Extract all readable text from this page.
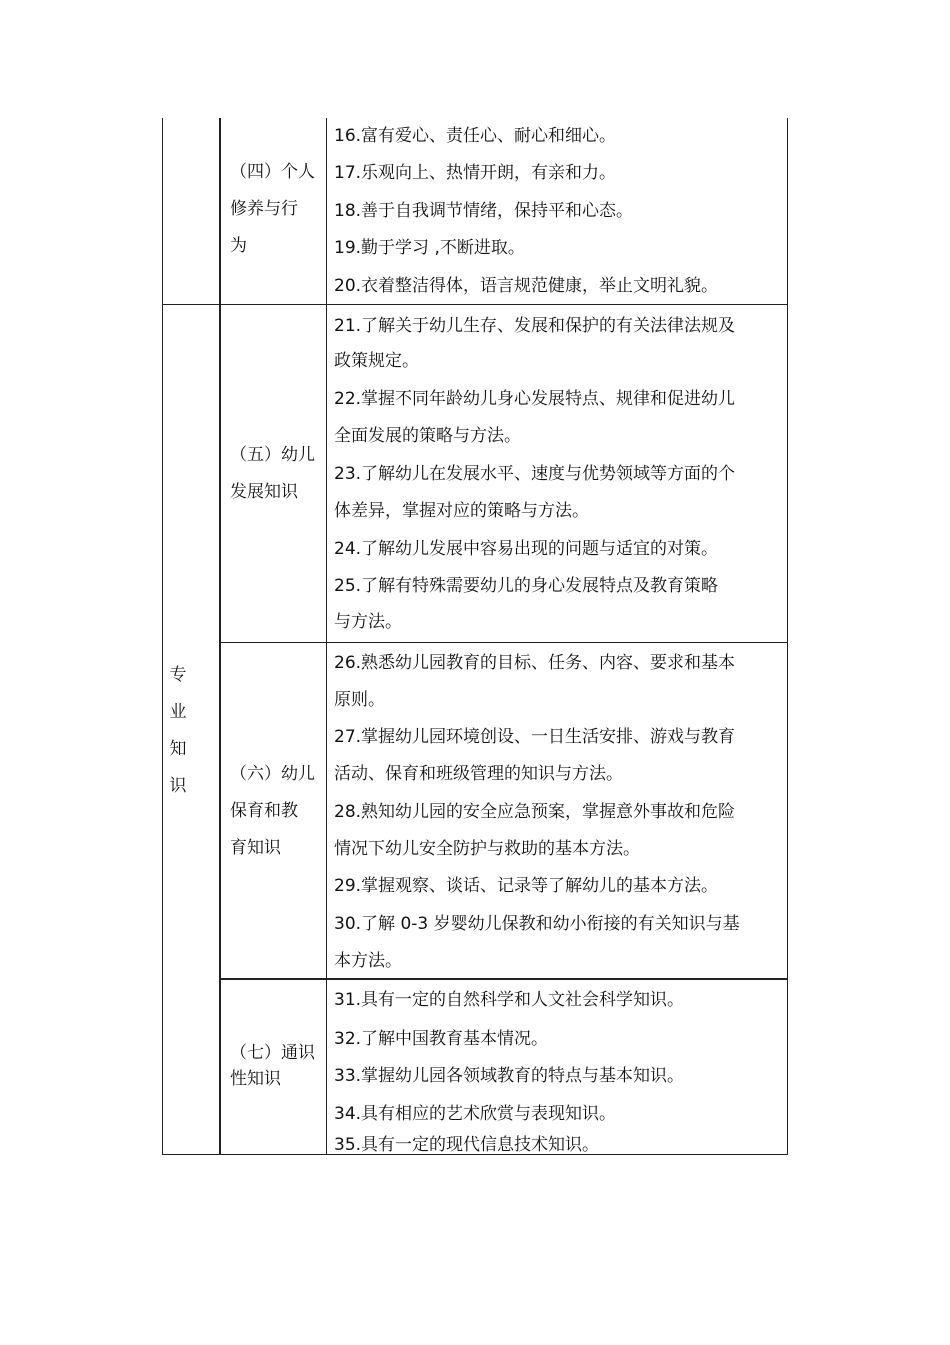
（四）个人
修养与行
为
16.富有爱心、责任心、耐心和细心。
17.乐观向上、热情开朗，有亲和力。
18.善于自我调节情绪，保持平和心态。
19.勤于学习 ,不断进取。
20.衣着整洁得体，语言规范健康，举止文明礼貌。
专
业
知
识
（五）幼儿
发展知识
21.了解关于幼儿生存、发展和保护的有关法律法规及
政策规定。
22.掌握不同年龄幼儿身心发展特点、规律和促进幼儿
全面发展的策略与方法。
23.了解幼儿在发展水平、速度与优势领域等方面的个
体差异，掌握对应的策略与方法。
24.了解幼儿发展中容易出现的问题与适宜的对策。
25.了解有特殊需要幼儿的身心发展特点及教育策略
与方法。
（六）幼儿
保育和教
育知识
26.熟悉幼儿园教育的目标、任务、内容、要求和基本
原则。
27.掌握幼儿园环境创设、一日生活安排、游戏与教育
活动、保育和班级管理的知识与方法。
28.熟知幼儿园的安全应急预案，掌握意外事故和危险
情况下幼儿安全防护与救助的基本方法。
29.掌握观察、谈话、记录等了解幼儿的基本方法。
30.了解 0-3 岁婴幼儿保教和幼小衔接的有关知识与基
本方法。
（七）通识
性知识
31.具有一定的自然科学和人文社会科学知识。
32.了解中国教育基本情况。
33.掌握幼儿园各领域教育的特点与基本知识。
34.具有相应的艺术欣赏与表现知识。
35.具有一定的现代信息技术知识。
